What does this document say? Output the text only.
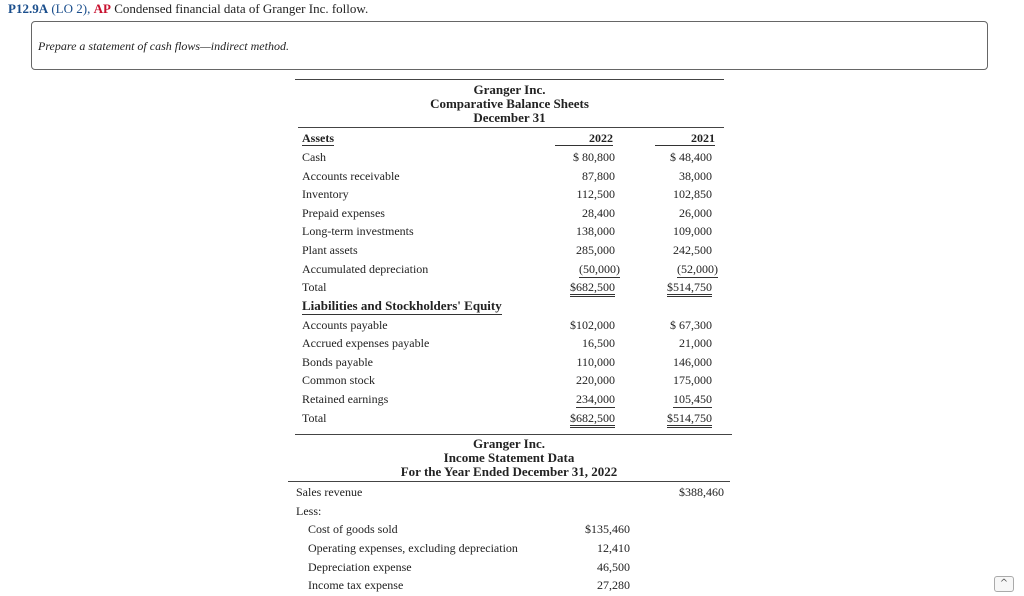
P12.9A (LO 2), AP Condensed financial data of Granger Inc. follow.
Prepare a statement of cash flows—indirect method.
Granger Inc.
Comparative Balance Sheets
December 31
Assets	2022	2021
Cash	$ 80,800	$ 48,400
Accounts receivable	87,800	38,000
Inventory	112,500	102,850
Prepaid expenses	28,400	26,000
Long-term investments	138,000	109,000
Plant assets	285,000	242,500
Accumulated depreciation	(50,000)	(52,000)
Total	$682,500	$514,750
Liabilities and Stockholders' Equity
Accounts payable	$102,000	$ 67,300
Accrued expenses payable	16,500	21,000
Bonds payable	110,000	146,000
Common stock	220,000	175,000
Retained earnings	234,000	105,450
Total	$682,500	$514,750
Granger Inc.
Income Statement Data
For the Year Ended December 31, 2022
Sales revenue	$388,460
Less:
Cost of goods sold	$135,460
Operating expenses, excluding depreciation	12,410
Depreciation expense	46,500
Income tax expense	27,280	^
